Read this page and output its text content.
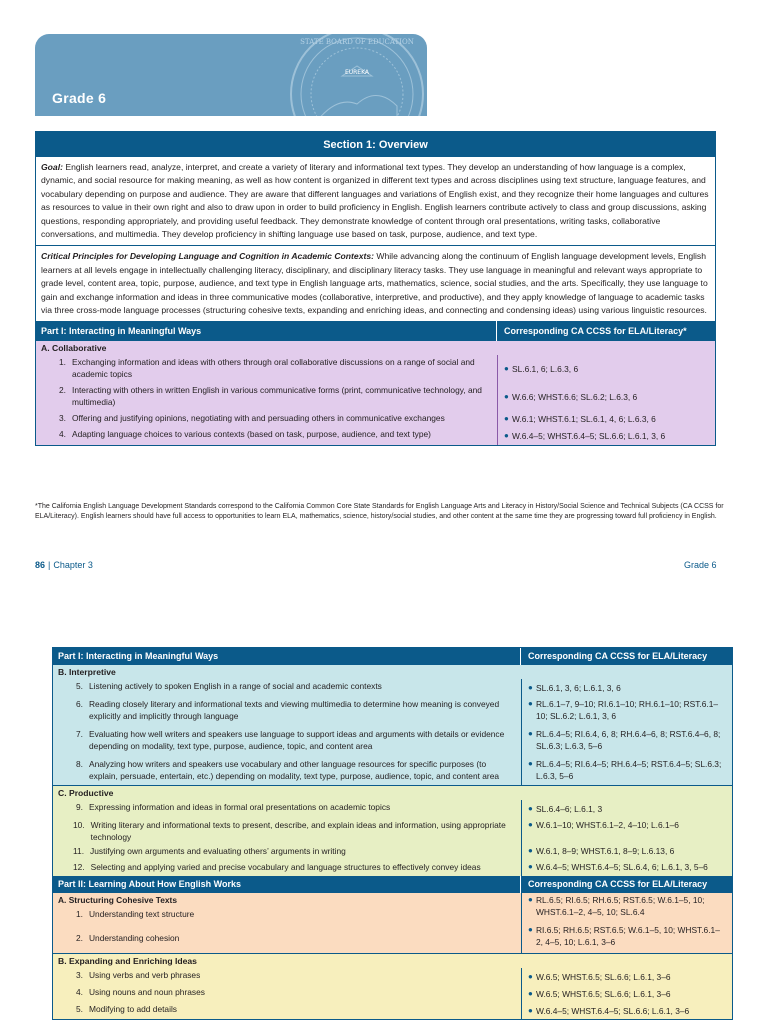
EUREKA
STATE BOARD OF EDUCATION
Grade 6
Section 1: Overview
Goal: English learners read, analyze, interpret, and create a variety of literary and informational text types. They develop an understanding of how language is a complex, dynamic, and social resource for making meaning, as well as how content is organized in different text types and across disciplines using text structure, language features, and vocabulary depending on purpose and audience. They are aware that different languages and variations of English exist, and they recognize their home languages and cultures as resources to value in their own right and also to draw upon in order to build proficiency in English. English learners contribute actively to class and group discussions, asking questions, responding appropriately, and providing useful feedback. They demonstrate knowledge of content through oral presentations, writing tasks, collaborative conversations, and multimedia. They develop proficiency in shifting language use based on task, purpose, audience, and text type.
Critical Principles for Developing Language and Cognition in Academic Contexts: While advancing along the continuum of English language development levels, English learners at all levels engage in intellectually challenging literacy, disciplinary, and disciplinary literacy tasks. They use language in meaningful and relevant ways appropriate to grade level, content area, topic, purpose, audience, and text type in English language arts, mathematics, science, social studies, and the arts. Specifically, they use language to gain and exchange information and ideas in three communicative modes (collaborative, interpretive, and productive), and they apply knowledge of language to academic tasks via three cross-mode language processes (structuring cohesive texts, expanding and enriching ideas, and connecting and condensing ideas) using various linguistic resources.
Part I: Interacting in Meaningful Ways	Corresponding CA CCSS for ELA/Literacy*
A. Collaborative
1. Exchanging information and ideas with others through oral collaborative discussions on a range of social and academic topics
● SL.6.1, 6; L.6.3, 6
2. Interacting with others in written English in various communicative forms (print, communicative technology, and multimedia)
● W.6.6; WHST.6.6; SL.6.2; L.6.3, 6
3. Offering and justifying opinions, negotiating with and persuading others in communicative exchanges	● W.6.1; WHST.6.1; SL.6.1, 4, 6; L.6.3, 6
4. Adapting language choices to various contexts (based on task, purpose, audience, and text type)	● W.6.4–5; WHST.6.4–5; SL.6.6; L.6.1, 3, 6
*The California English Language Development Standards correspond to the California Common Core State Standards for English Language Arts and Literacy in History/Social Science and Technical Subjects (CA CCSS for ELA/Literacy). English learners should have full access to opportunities to learn ELA, mathematics, science, history/social studies, and other content at the same time they are progressing toward full proficiency in English.
86 | Chapter 3	Grade 6
Part I: Interacting in Meaningful Ways	Corresponding CA CCSS for ELA/Literacy
B. Interpretive
5. Listening actively to spoken English in a range of social and academic contexts	● SL.6.1, 3, 6; L.6.1, 3, 6
6. Reading closely literary and informational texts and viewing multimedia to determine how meaning is conveyed explicitly and implicitly through language
● RL.6.1–7, 9–10; RI.6.1–10; RH.6.1–10; RST.6.1–10; SL.6.2; L.6.1, 3, 6
7. Evaluating how well writers and speakers use language to support ideas and arguments with details or evidence depending on modality, text type, purpose, audience, topic, and content area
● RL.6.4–5; RI.6.4, 6, 8; RH.6.4–6, 8; RST.6.4–6, 8; SL.6.3; L.6.3, 5–6
8. Analyzing how writers and speakers use vocabulary and other language resources for specific purposes (to explain, persuade, entertain, etc.) depending on modality, text type, purpose, audience, topic, and content area
● RL.6.4–5; RI.6.4–5; RH.6.4–5; RST.6.4–5; SL.6.3; L.6.3, 5–6
C. Productive
9. Expressing information and ideas in formal oral presentations on academic topics	● SL.6.4–6; L.6.1, 3
10. Writing literary and informational texts to present, describe, and explain ideas and information, using appropriate technology
● W.6.1–10; WHST.6.1–2, 4–10; L.6.1–6
11. Justifying own arguments and evaluating others’ arguments in writing	● W.6.1, 8–9; WHST.6.1, 8–9; L.6.13, 6
12. Selecting and applying varied and precise vocabulary and language structures to effectively convey ideas	● W.6.4–5; WHST.6.4–5; SL.6.4, 6; L.6.1, 3, 5–6
Part II: Learning About How English Works	Corresponding CA CCSS for ELA/Literacy
A. Structuring Cohesive Texts
1. Understanding text structure
● RL.6.5; RI.6.5; RH.6.5; RST.6.5; W.6.1–5, 10; WHST.6.1–2, 4–5, 10; SL.6.4
2. Understanding cohesion
● RI.6.5; RH.6.5; RST.6.5; W.6.1–5, 10; WHST.6.1–2, 4–5, 10; L.6.1, 3–6
B. Expanding and Enriching Ideas
3. Using verbs and verb phrases	● W.6.5; WHST.6.5; SL.6.6; L.6.1, 3–6
4. Using nouns and noun phrases	● W.6.5; WHST.6.5; SL.6.6; L.6.1, 3–6
5. Modifying to add details	● W.6.4–5; WHST.6.4–5; SL.6.6; L.6.1, 3–6
